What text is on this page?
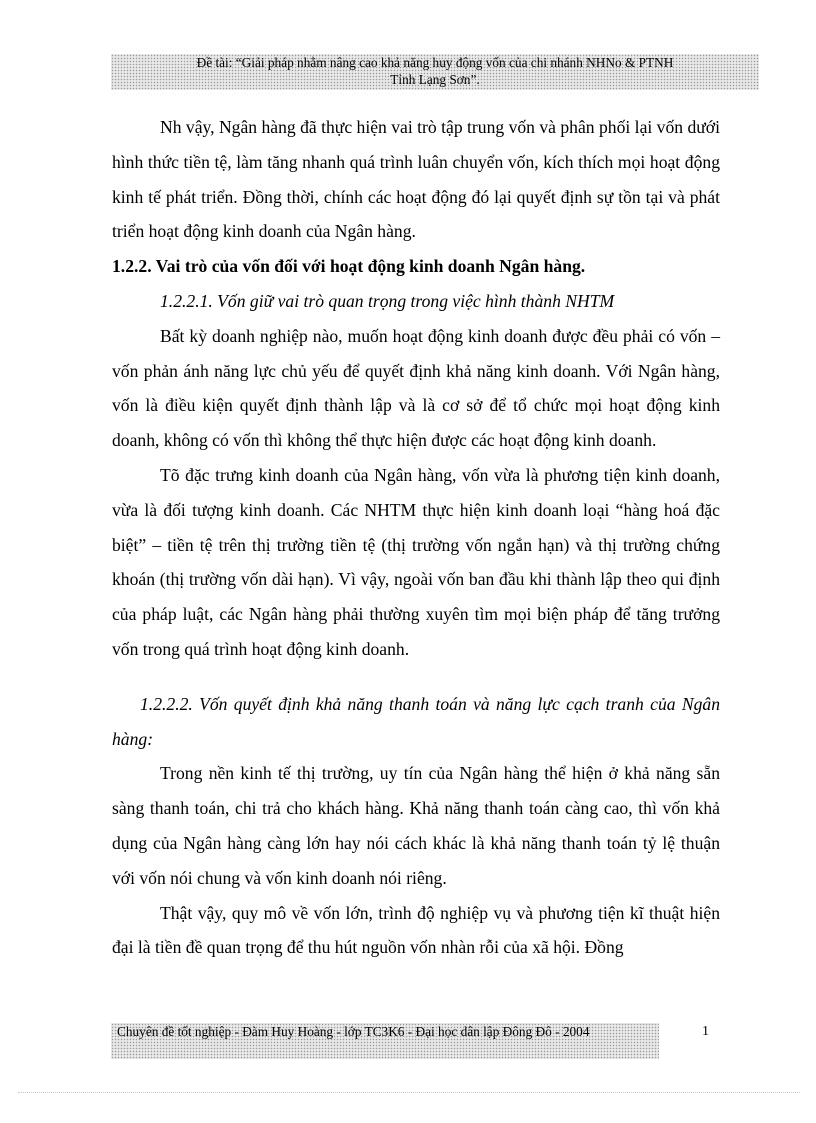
Đề tài: “Giải pháp nhằm nâng cao khả năng huy động vốn của chi nhánh NHNo & PTNH
Tỉnh Lạng Sơn”.

Nh vậy, Ngân hàng đã thực hiện vai trò tập trung vốn và phân phối lại vốn dưới hình thức tiền tệ, làm tăng nhanh quá trình luân chuyển vốn, kích thích mọi hoạt động kinh tế phát triển. Đồng thời, chính các hoạt động đó lại quyết định sự tồn tại và phát triển hoạt động kinh doanh của Ngân hàng.

1.2.2. Vai trò của vốn đối với hoạt động kinh doanh Ngân hàng.

1.2.2.1. Vốn giữ vai trò quan trọng trong việc hình thành NHTM

Bất kỳ doanh nghiệp nào, muốn hoạt động kinh doanh được đều phải có vốn – vốn phản ánh năng lực chủ yếu để quyết định khả năng kinh doanh. Với Ngân hàng, vốn là điều kiện quyết định thành lập và là cơ sở để tổ chức mọi hoạt động kinh doanh, không có vốn thì không thể thực hiện được các hoạt động kinh doanh.

Tõ đặc trưng kinh doanh của Ngân hàng, vốn vừa là phương tiện kinh doanh, vừa là đối tượng kinh doanh. Các NHTM thực hiện kinh doanh loại “hàng hoá đặc biệt” – tiền tệ trên thị trường tiền tệ (thị trường vốn ngắn hạn) và thị trường chứng khoán (thị trường vốn dài hạn). Vì vậy, ngoài vốn ban đầu khi thành lập theo qui định của pháp luật, các Ngân hàng phải thường xuyên tìm mọi biện pháp để tăng trưởng vốn trong quá trình hoạt động kinh doanh.

1.2.2.2. Vốn quyết định khả năng thanh toán và năng lực cạch tranh của Ngân hàng:

Trong nền kinh tế thị trường, uy tín của Ngân hàng thể hiện ở khả năng sẵn sàng thanh toán, chi trả cho khách hàng. Khả năng thanh toán càng cao, thì vốn khả dụng của Ngân hàng càng lớn hay nói cách khác là khả năng thanh toán tỷ lệ thuận với vốn nói chung và vốn kinh doanh nói riêng.

Thật vậy, quy mô về vốn lớn, trình độ nghiệp vụ và phương tiện kĩ thuật hiện đại là tiền đề quan trọng để thu hút nguồn vốn nhàn rỗi của xã hội. Đồng

Chuyên đề tốt nghiệp - Đàm Huy Hoàng - lớp TC3K6 - Đại học dân lập Đông Đô - 2004	1
